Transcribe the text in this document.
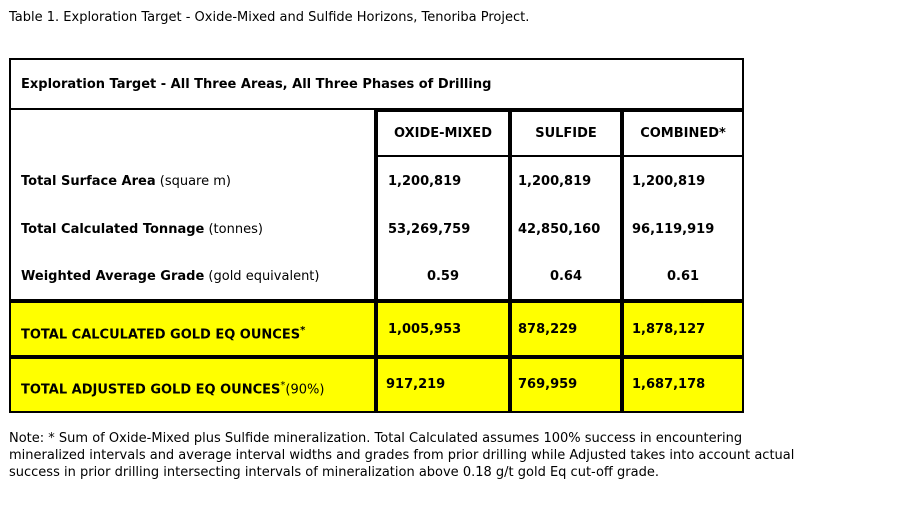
Table 1. Exploration Target - Oxide-Mixed and Sulfide Horizons, Tenoriba Project.
Exploration Target - All Three Areas, All Three Phases of Drilling			
	OXIDE-MIXED	SULFIDE	COMBINED*
Total Surface Area (square m)	1,200,819	1,200,819	1,200,819
Total Calculated Tonnage (tonnes)	53,269,759	42,850,160	96,119,919
Weighted Average Grade (gold equivalent)	0.59	0.64	0.61
TOTAL CALCULATED GOLD EQ OUNCES*	1,005,953	878,229	1,878,127
TOTAL ADJUSTED GOLD EQ OUNCES*(90%)	917,219	769,959	1,687,178
Note: * Sum of Oxide-Mixed plus Sulfide mineralization. Total Calculated assumes 100% success in encountering mineralized intervals and average interval widths and grades from prior drilling while Adjusted takes into account actual success in prior drilling intersecting intervals of mineralization above 0.18 g/t gold Eq cut-off grade.
